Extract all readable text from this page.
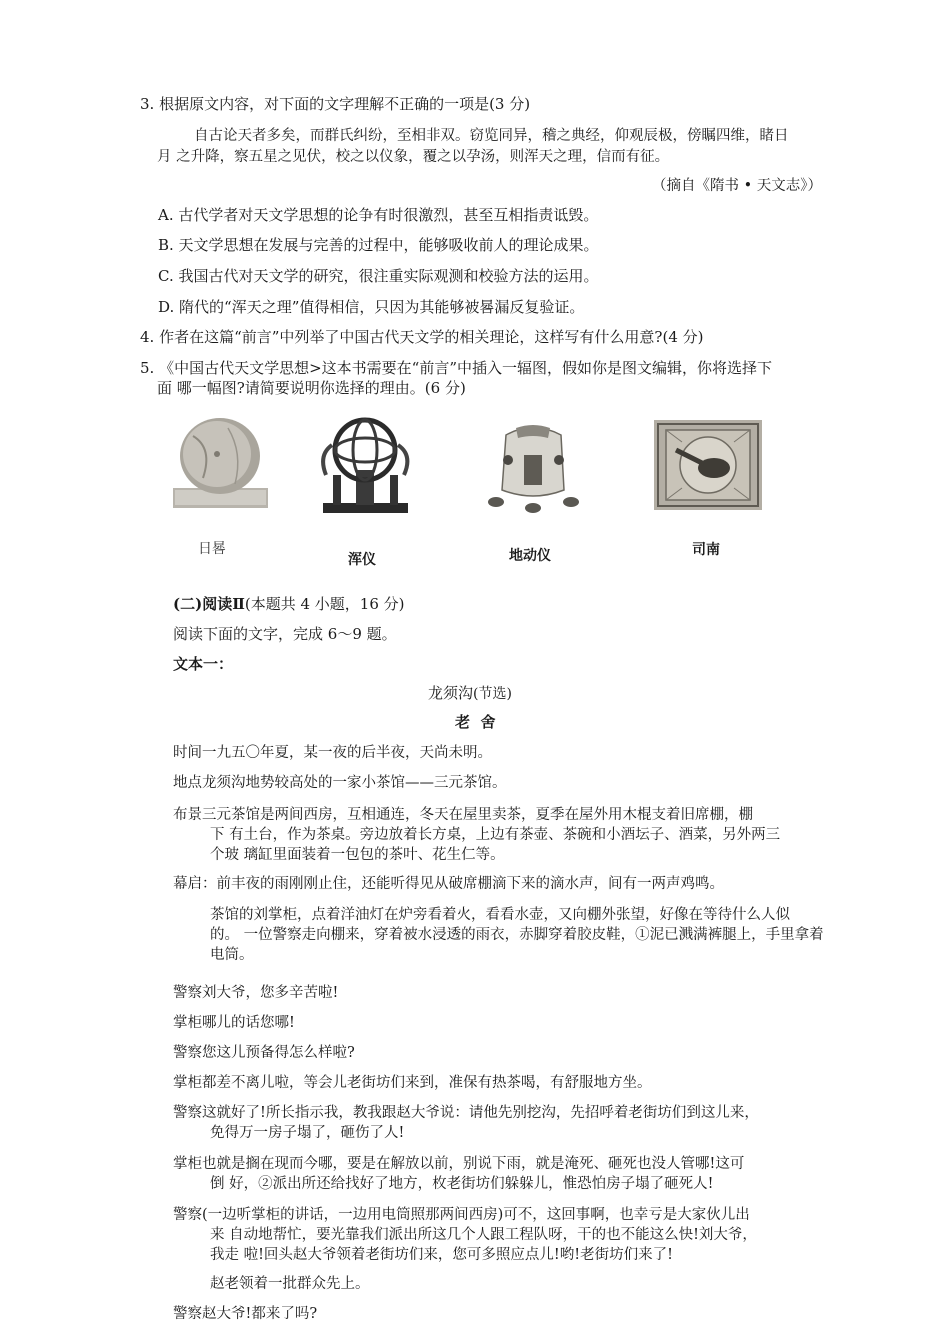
3. 根据原文内容，对下面的文字理解不正确的一项是(3 分)
自古论天者多矣，而群氏纠纷，至相非双。窃览同异，稽之典经，仰观辰极，傍瞩四维，睹日
月 之升降，察五星之见伏，校之以仪象，覆之以孕汤，则浑天之理，信而有征。
（摘自《隋书 • 天文志》）
A. 古代学者对天文学思想的论争有时很激烈，甚至互相指责诋毁。
B. 天文学思想在发展与完善的过程中，能够吸收前人的理论成果。
C. 我国古代对天文学的研究，很注重实际观测和校验方法的运用。
D. 隋代的“浑天之理”值得相信，只因为其能够被晷漏反复验证。
4. 作者在这篇“前言”中列举了中国古代天文学的相关理论，这样写有什么用意?(4 分)
5. 《中国古代天文学思想>这本书需要在“前言”中插入一辐图，假如你是图文编辑，你将选择下
面 哪一幅图?请简要说明你选择的理由。(6 分)
日晷
浑仪	地动仪	司南
(二)阅读Ⅱ(本题共 4 小题，16 分)
阅读下面的文字，完成 6～9 题。
文本一：
龙须沟(节选)
老  舍
时间一九五〇年夏，某一夜的后半夜，天尚未明。
地点龙须沟地势较高处的一家小茶馆——三元茶馆。
布景三元茶馆是两间西房，互相通连，冬天在屋里卖茶，夏季在屋外用木棍支着旧席棚，棚
下 有土台，作为茶桌。旁边放着长方桌，上边有茶壶、茶碗和小酒坛子、酒菜，另外两三
个玻 璃缸里面装着一包包的茶叶、花生仁等。
幕启：前丰夜的雨刚刚止住，还能听得见从破席棚滴下来的滴水声，间有一两声鸡鸣。
茶馆的刘掌柜，点着洋油灯在炉旁看着火，看看水壶，又向棚外张望，好像在等待什么人似
的。 一位警察走向棚来，穿着被水浸透的雨衣，赤脚穿着胶皮鞋，①泥已溅满裤腿上，手里拿着
电筒。
警察刘大爷，您多辛苦啦!
掌柜哪儿的话您哪!
警察您这儿预备得怎么样啦?
掌柜都差不离儿啦，等会儿老街坊们来到，准保有热茶喝，有舒服地方坐。
警察这就好了!所长指示我，教我跟赵大爷说：请他先别挖沟，先招呼着老街坊们到这儿来，
免得万一房子塌了，砸伤了人!
掌柜也就是搁在现而今哪，要是在解放以前，别说下雨，就是淹死、砸死也没人管哪!这可
倒 好，②派出所还给找好了地方，枚老街坊们躲躲儿，惟恐怕房子塌了砸死人!
警察(一边听掌柜的讲话，一边用电筒照那两间西房)可不，这回事啊，也幸亏是大家伙儿出
来 自动地帮忙，要光靠我们派出所这几个人跟工程队呀，干的也不能这么快!刘大爷，
我走 啦!回头赵大爷领着老街坊们来，您可多照应点儿!哟!老街坊们来了!
赵老领着一批群众先上。
警察赵大爷!都来了吗?
